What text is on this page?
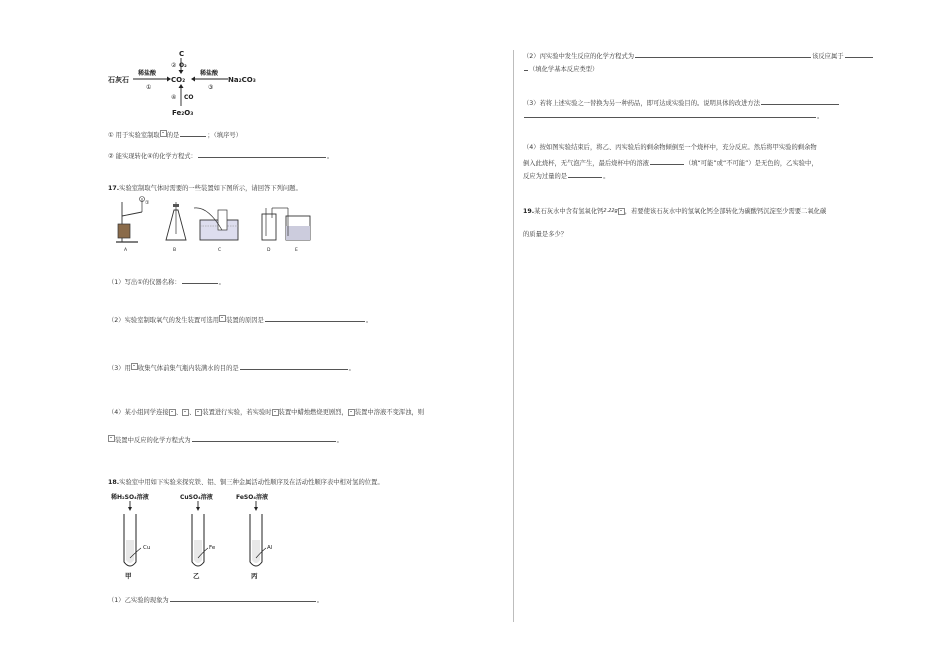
C
② O₂
石灰石
稀盐酸
①
CO₂
稀盐酸
③
Na₂CO₃
④ CO
Fe₂O₃
① 用于实验室制取 的是	；（填序号）
② 能实现转化④的化学方程式：	。
17.实验室制取气体时需要的一些装置如下图所示，请回答下列问题。
①
A	B	C	D	E
（1）写出①的仪器名称：	。
（2）实验室制取氧气的发生装置可选用 装置的原因是	。
（3）用 收集气体前集气瓶内装满水的目的是	。
（4）某小组同学连接 、 、 装置进行实验，若实验时 装置中蜡烛燃烧更剧烈， 装置中溶液不变浑浊，则
装置中反应的化学方程式为	。
18.实验室中用如下实验来探究铁、铝、铜三种金属活动性顺序及在活动性顺序表中相对氢的位置。
稀H₂SO₄溶液
Cu
甲
CuSO₄溶液
Fe
乙
FeSO₄溶液
Al
丙
（1）乙实验的现象为	。
（2）丙实验中发生反应的化学方程式为	该反应属于
（填化学基本反应类型）
（3）若将上述实验之一替换为另一种药品，即可达成实验目的。说明具体的改进方法
。
（4）按如图实验结束后，将乙、丙实验后的剩余物倾倒至一个烧杯中，充分反应。然后将甲实验的剩余物
倒入此烧杯，无气泡产生，最后烧杯中的溶液	（填“可能”或“不可能”）是无色的，乙实验中，
反应为过量的是	。
19.某石灰水中含有氢氧化钙$^{2.22g}$ ，若要使该石灰水中的氢氧化钙全部转化为碳酸钙沉淀至少需要二氧化碳
的质量是多少？
